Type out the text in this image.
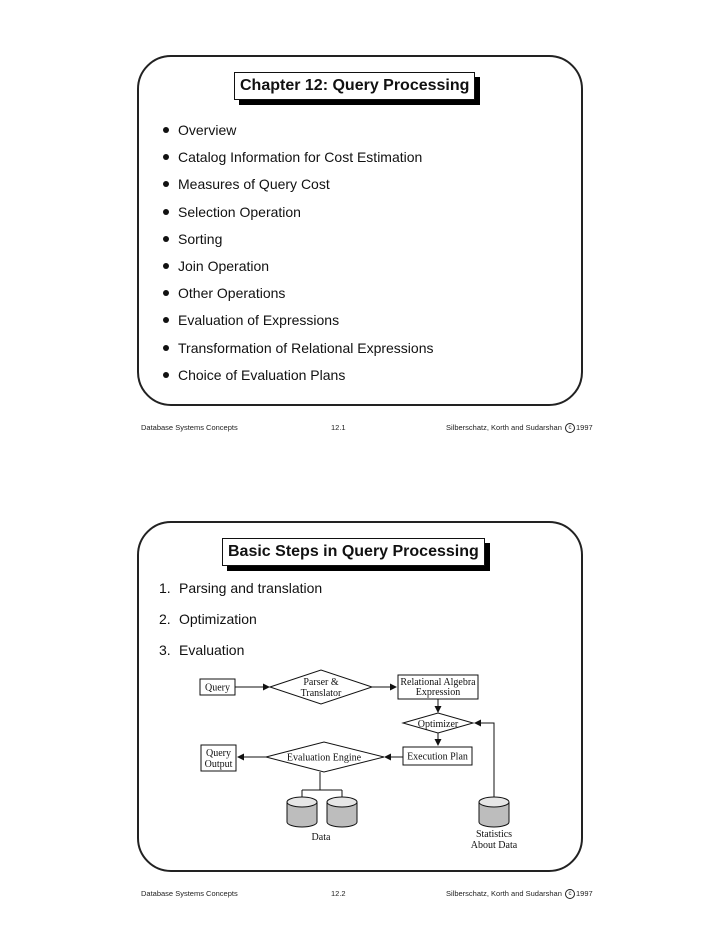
Chapter 12: Query Processing
Overview
Catalog Information for Cost Estimation
Measures of Query Cost
Selection Operation
Sorting
Join Operation
Other Operations
Evaluation of Expressions
Transformation of Relational Expressions
Choice of Evaluation Plans
Database Systems Concepts	12.1	Silberschatz, Korth and Sudarshan c 1997
Basic Steps in Query Processing
1. Parsing and translation
2. Optimization
3. Evaluation
Query	Parser &
Translator
Relational Algebra
Expression
Optimizer
Execution Plan
Evaluation Engine
Query
Output
Data	Statistics
About Data
Database Systems Concepts	12.2	Silberschatz, Korth and Sudarshan c 1997
